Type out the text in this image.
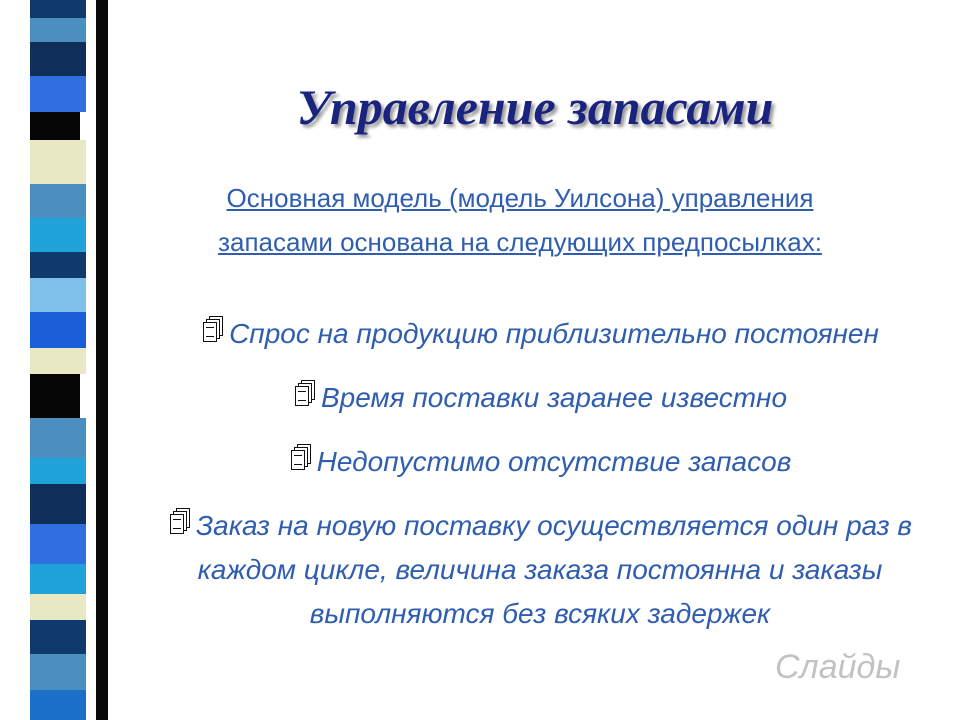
Управление запасами

Основная модель (модель Уилсона) управления запасами основана на следующих предпосылках:

Спрос на продукцию приблизительно постоянен

Время поставки заранее известно

Недопустимо отсутствие запасов

Заказ на новую поставку осуществляется один раз в каждом цикле, величина заказа постоянна и заказы выполняются без всяких задержек

Слайды
